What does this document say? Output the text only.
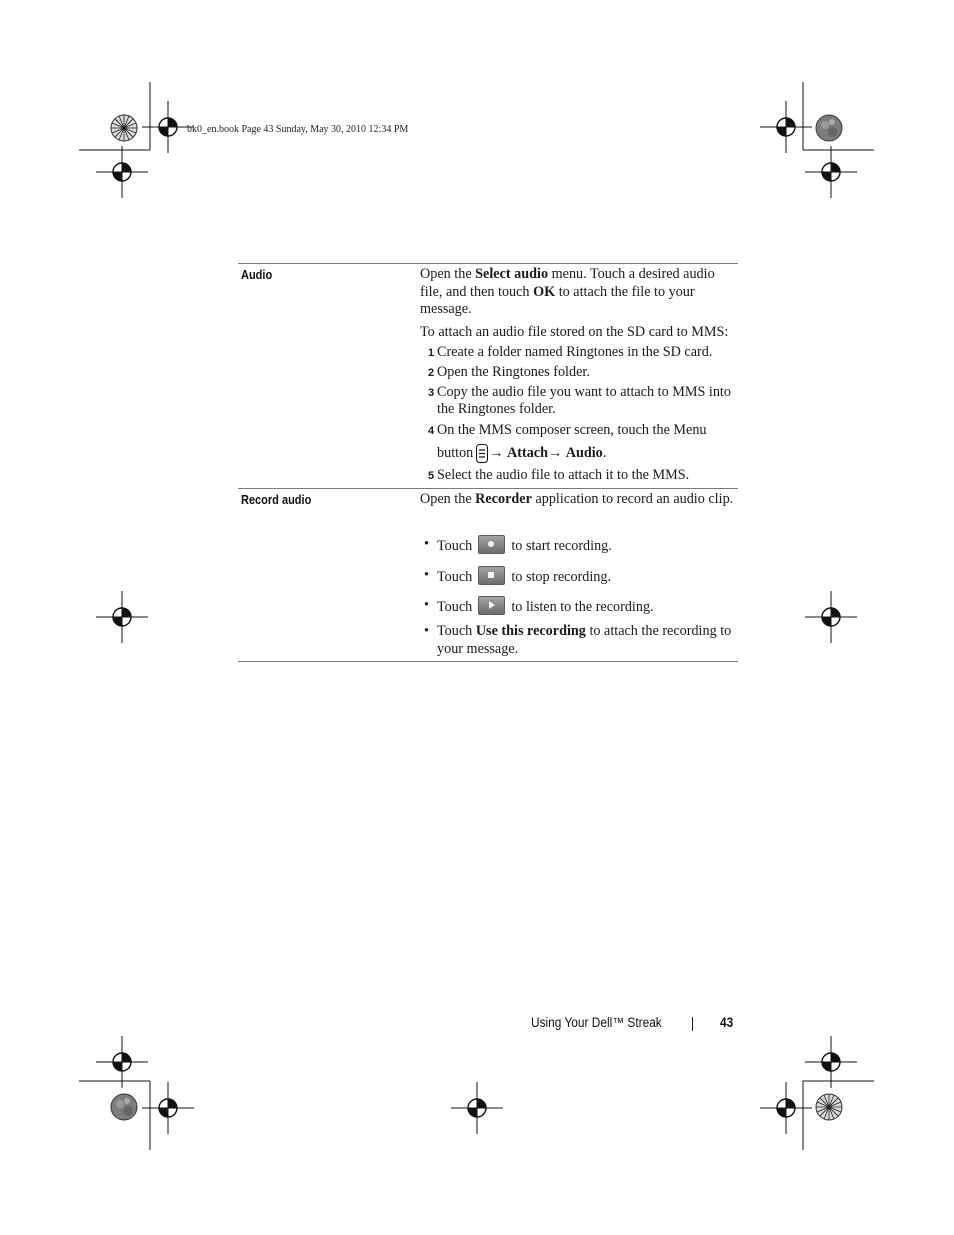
bk0_en.book Page 43 Sunday, May 30, 2010 12:34 PM
Audio	Open the Select audio menu. Touch a desired audio file, and then touch OK to attach the file to your message.

To attach an audio file stored on the SD card to MMS:
1 Create a folder named Ringtones in the SD card.
2 Open the Ringtones folder.
3 Copy the audio file you want to attach to MMS into the Ringtones folder.
4 On the MMS composer screen, touch the Menu
button → Attach→ Audio.
5 Select the audio file to attach it to the MMS.
Record audio	Open the Recorder application to record an audio clip.

• Touch	to start recording.
• Touch	to stop recording.
• Touch	to listen to the recording.
• Touch Use this recording to attach the recording to your message.
Using Your Dell™ Streak	43
